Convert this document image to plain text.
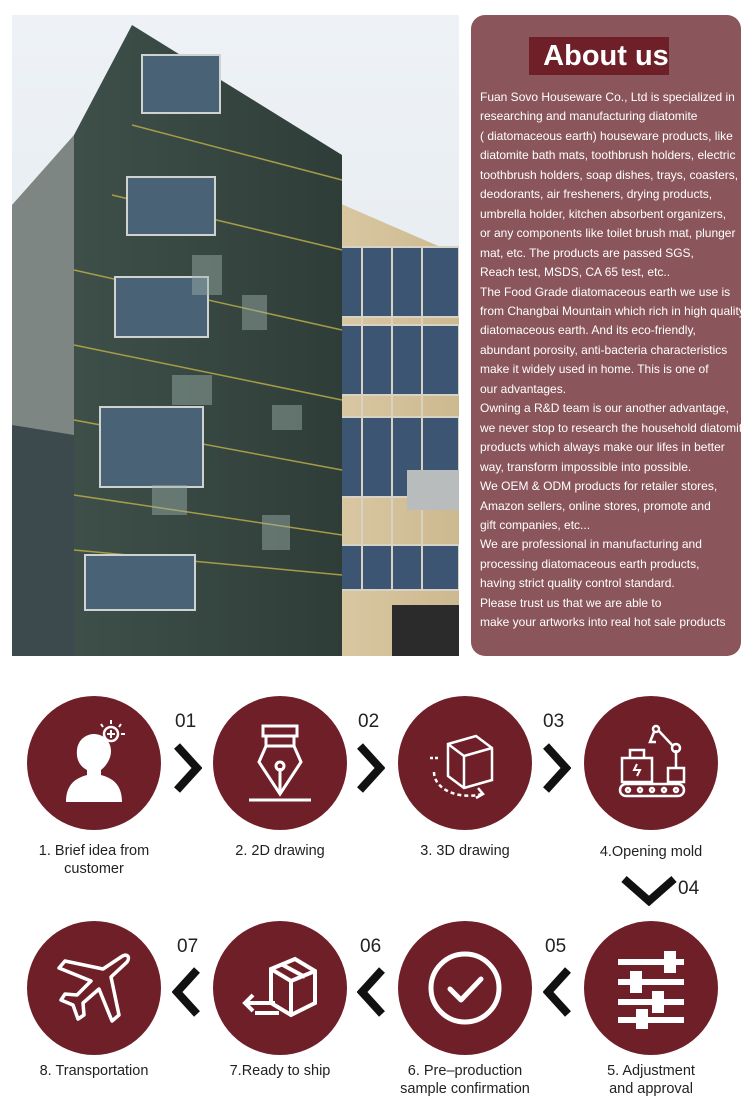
About us
Fuan Sovo Houseware Co., Ltd is specialized in
researching and manufacturing diatomite
( diatomaceous earth) houseware products, like
diatomite bath mats, toothbrush holders, electric
toothbrush holders, soap dishes, trays, coasters,
deodorants, air fresheners, drying products,
umbrella holder, kitchen absorbent organizers,
or any components like toilet brush mat, plunger
mat, etc. The products are passed SGS,
Reach test, MSDS, CA 65 test, etc..
The Food Grade diatomaceous earth we use is
from Changbai Mountain which rich in high quality
diatomaceous earth. And its eco-friendly,
abundant porosity, anti-bacteria characteristics
make it widely used in home. This is one of
our advantages.
Owning a R&D team is our another advantage,
we never stop to research the household diatomite
products which always make our lifes in better
way, transform impossible into possible.
We OEM & ODM products for retailer stores,
Amazon sellers, online stores, promote and
gift companies, etc...
We are professional in manufacturing and
processing diatomaceous earth products,
having strict quality control standard.
Please trust us that we are able to
make your artworks into real hot sale products
1. Brief idea from
customer
2. 2D drawing	3. 3D drawing	4.Opening mold
01	02	03
04
5. Adjustment
and approval
6. Pre–production
sample confirmation
7.Ready to ship
8. Transportation
05
06
07
